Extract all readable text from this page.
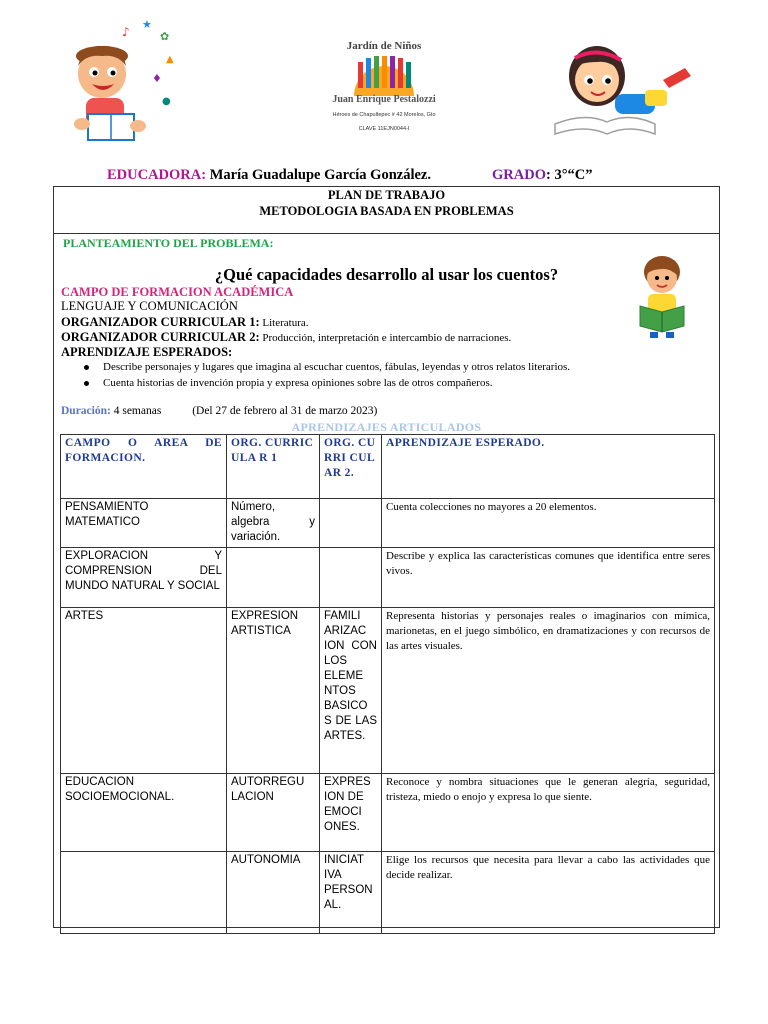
♪
★
✿
▲
♦
●
Jardín de Niños
Juan Enrique Pestalozzi
Héroes de Chapultepec # 42 Morelos, Gto
CLAVE 11EJN0044-I
EDUCADORA: María Guadalupe García González.	GRADO: 3°“C”
PLAN DE TRABAJO
METODOLOGIA BASADA EN PROBLEMAS
PLANTEAMIENTO DEL PROBLEMA:
¿Qué capacidades desarrollo al usar los cuentos?
CAMPO DE FORMACION ACADÉMICA
LENGUAJE Y COMUNICACIÓN
ORGANIZADOR CURRICULAR 1: Literatura.
ORGANIZADOR CURRICULAR 2: Producción, interpretación e intercambio de narraciones.
APRENDIZAJE ESPERADOS:
Describe personajes y lugares que imagina al escuchar cuentos, fábulas, leyendas y otros relatos literarios.
Cuenta historias de invención propia y expresa opiniones sobre las de otros compañeros.
Duración: 4 semanas	(Del 27 de febrero al 31 de marzo 2023)
APRENDIZAJES ARTICULADOS
CAMPO O AREA DE FORMACION.	ORG. CURRICULA R 1	ORG. CURRI CULAR 2.	APRENDIZAJE ESPERADO.
PENSAMIENTO MATEMATICO	Número, algebra y variación.		Cuenta colecciones no mayores a 20 elementos.
EXPLORACION Y COMPRENSION DEL MUNDO NATURAL Y SOCIAL			Describe y explica las características comunes que identifica entre seres vivos.
ARTES	EXPRESION ARTISTICA	FAMILI ARIZAC ION CON LOS ELEME NTOS BASICO S DE LAS ARTES.	Representa historias y personajes reales o imaginarios con mímica, marionetas, en el juego simbólico, en dramatizaciones y con recursos de las artes visuales.
EDUCACION SOCIOEMOCIONAL.	AUTORREGU LACION	EXPRES ION DE EMOCI ONES.	Reconoce y nombra situaciones que le generan alegría, seguridad, tristeza, miedo o enojo y expresa lo que siente.
	AUTONOMIA	INICIAT IVA PERSON AL.	Elige los recursos que necesita para llevar a cabo las actividades que decide realizar.
